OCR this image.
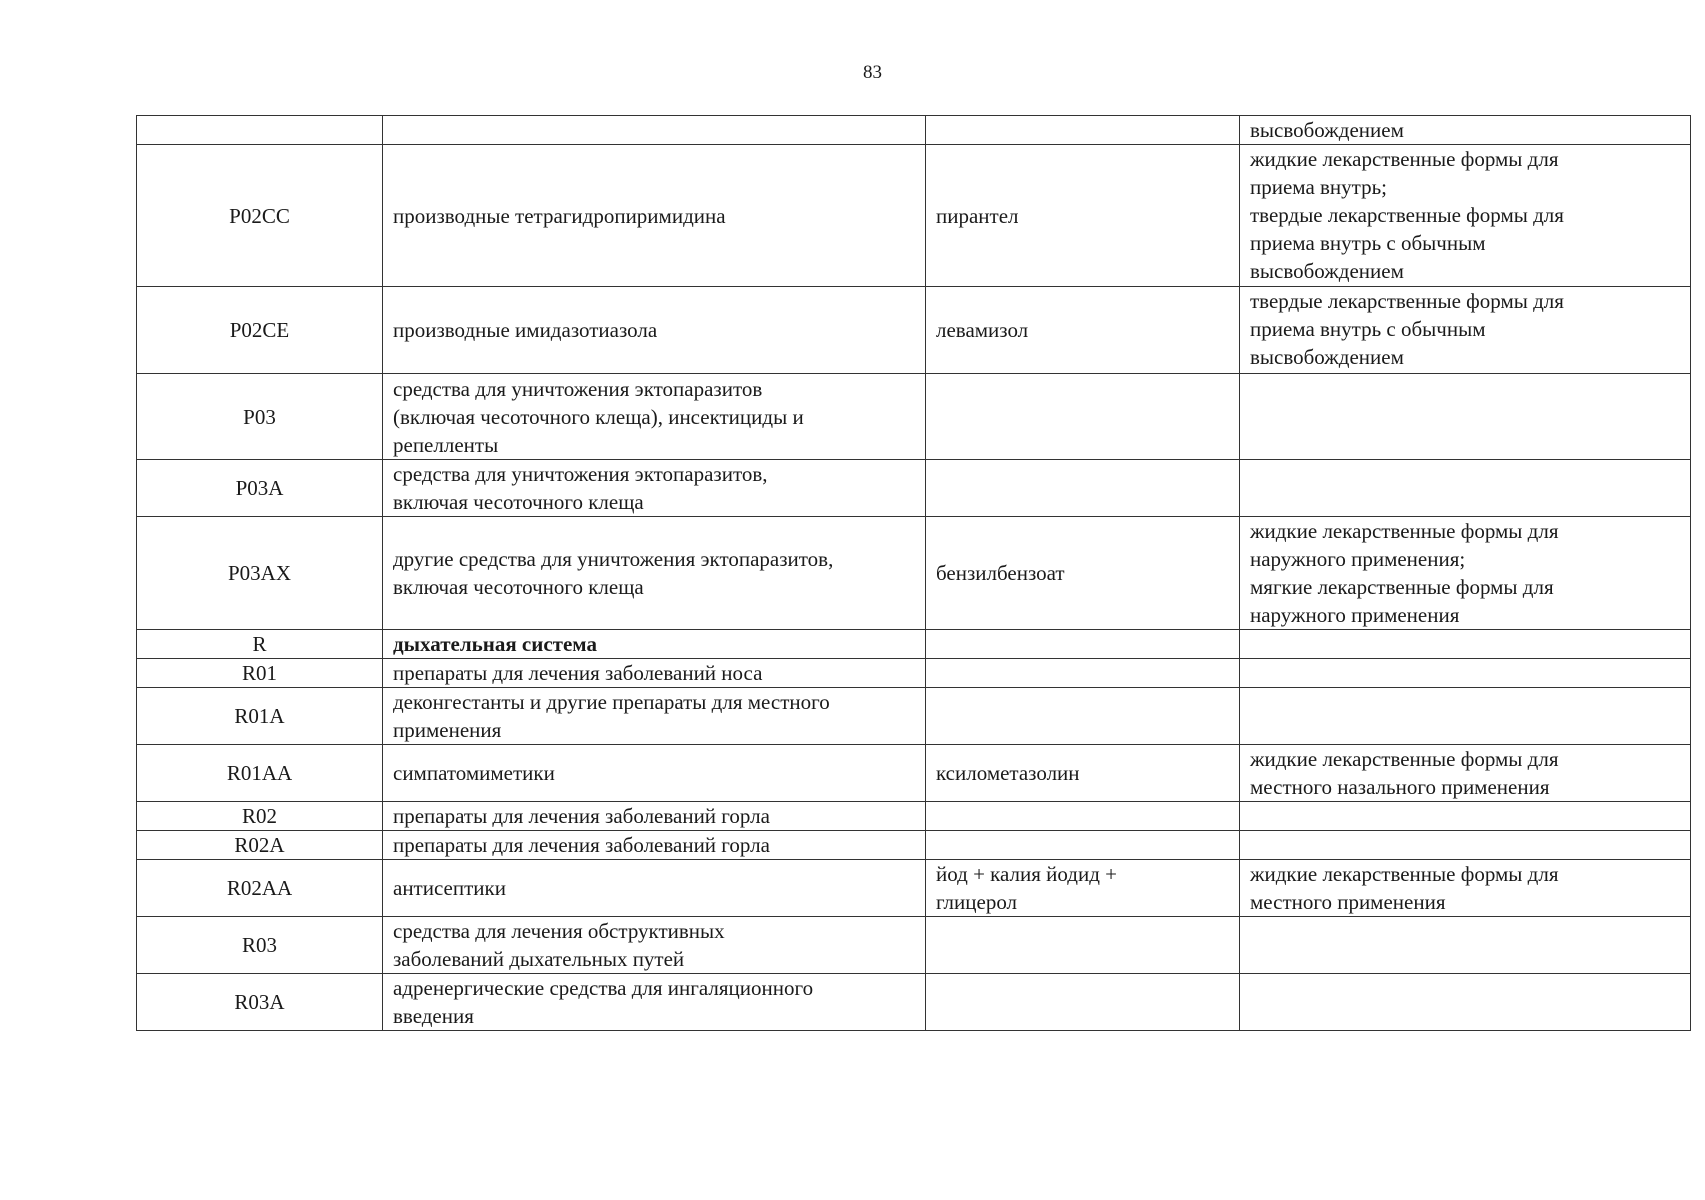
83

			высвобождением

P02CC	производные тетрагидропиримидина	пирантел	жидкие лекарственные формы для
приема внутрь;
твердые лекарственные формы для
приема внутрь с обычным
высвобождением

P02CE	производные имидазотиазола	левамизол	твердые лекарственные формы для
приема внутрь с обычным
высвобождением

P03	средства для уничтожения эктопаразитов
(включая чесоточного клеща), инсектициды и
репелленты		

P03A	средства для уничтожения эктопаразитов,
включая чесоточного клеща		

P03AX	другие средства для уничтожения эктопаразитов,
включая чесоточного клеща	бензилбензоат	жидкие лекарственные формы для
наружного применения;
мягкие лекарственные формы для
наружного применения

R	дыхательная система		

R01	препараты для лечения заболеваний носа		

R01A	деконгестанты и другие препараты для местного
применения		

R01AA	симпатомиметики	ксилометазолин	жидкие лекарственные формы для
местного назального применения

R02	препараты для лечения заболеваний горла		

R02A	препараты для лечения заболеваний горла		

R02AA	антисептики	йод + калия йодид +
глицерол	жидкие лекарственные формы для
местного применения

R03	средства для лечения обструктивных
заболеваний дыхательных путей		

R03A	адренергические средства для ингаляционного
введения		
